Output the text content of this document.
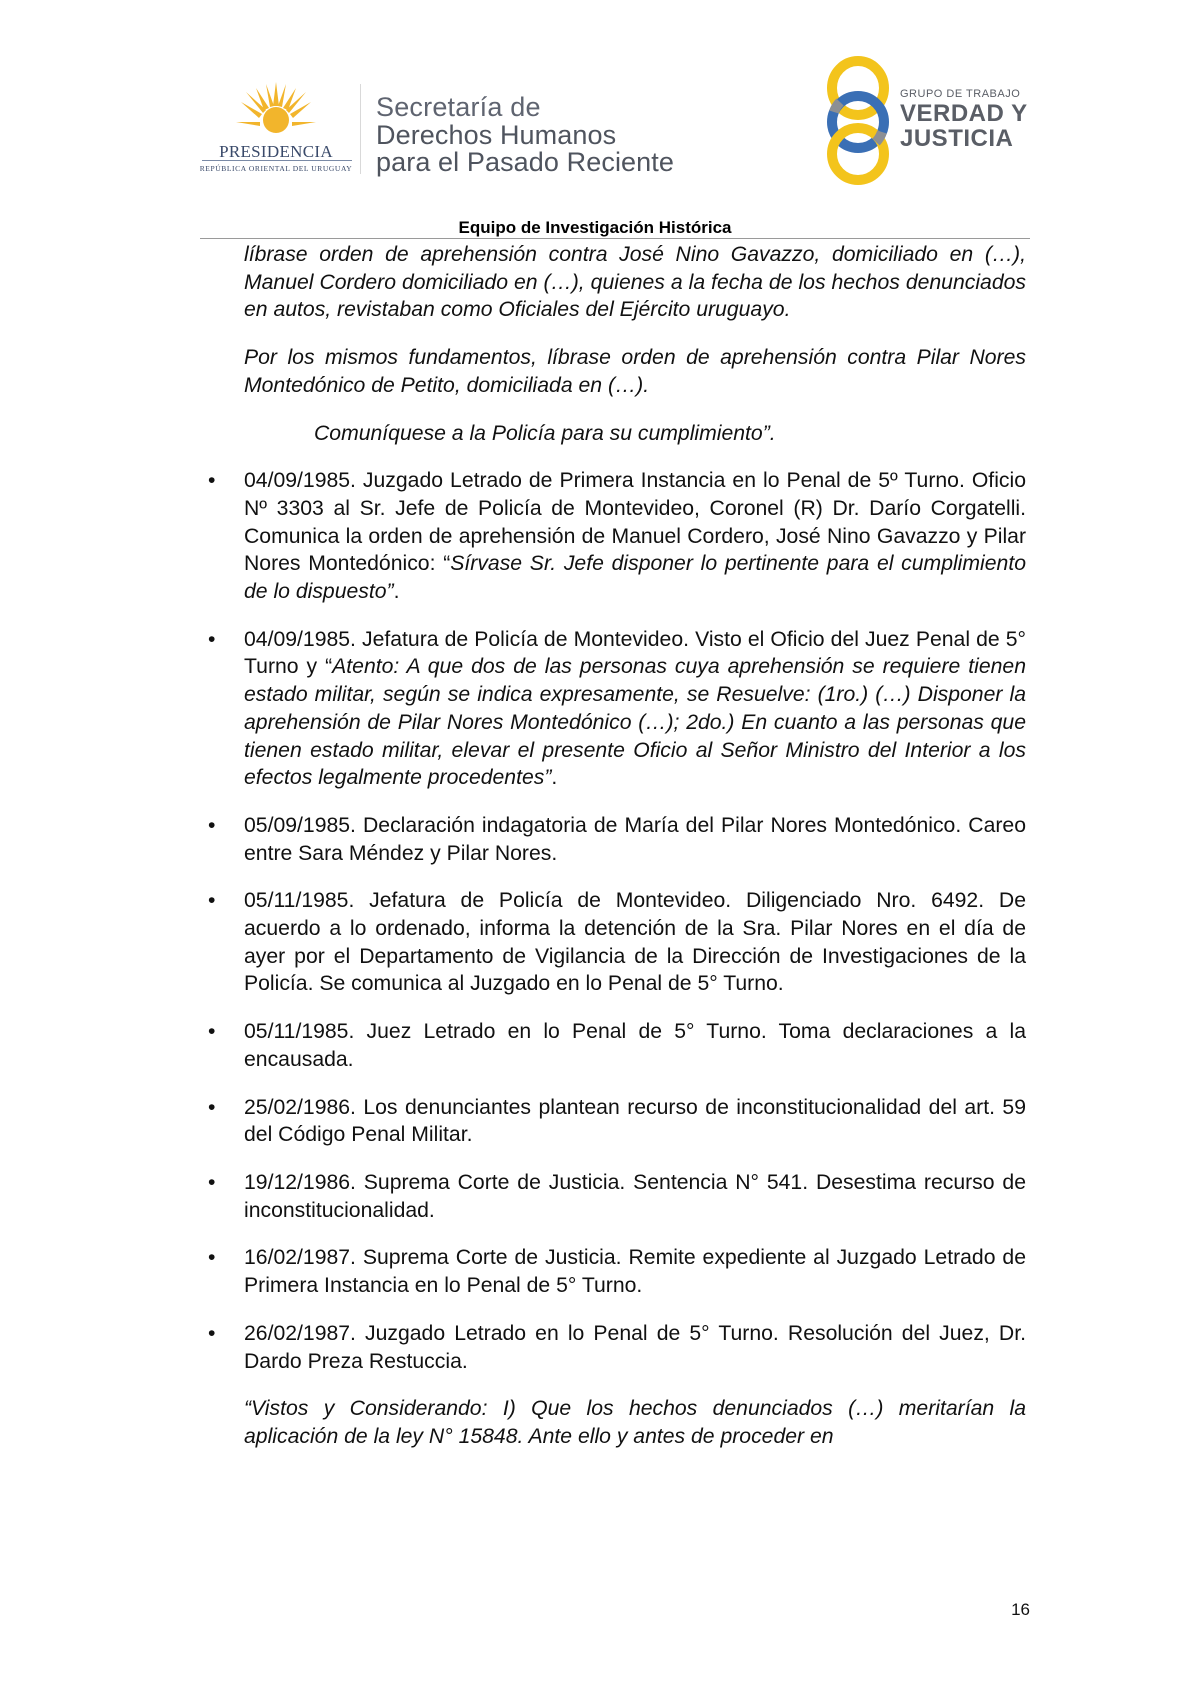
PRESIDENCIA
REPÚBLICA ORIENTAL DEL URUGUAY
Secretaría de
Derechos Humanos
para el Pasado Reciente
GRUPO DE TRABAJO
VERDAD Y
JUSTICIA
Equipo de Investigación Histórica

líbrase orden de aprehensión contra José Nino Gavazzo, domiciliado en (…), Manuel Cordero domiciliado en (…), quienes a la fecha de los hechos denunciados en autos, revistaban como Oficiales del Ejército uruguayo.

Por los mismos fundamentos, líbrase orden de aprehensión contra Pilar Nores Montedónico de Petito, domiciliada en (…).

Comuníquese a la Policía para su cumplimiento”.

• 04/09/1985. Juzgado Letrado de Primera Instancia en lo Penal de 5º Turno. Oficio Nº 3303 al Sr. Jefe de Policía de Montevideo, Coronel (R) Dr. Darío Corgatelli. Comunica la orden de aprehensión de Manuel Cordero, José Nino Gavazzo y Pilar Nores Montedónico: “Sírvase Sr. Jefe disponer lo pertinente para el cumplimiento de lo dispuesto”.

• 04/09/1985. Jefatura de Policía de Montevideo. Visto el Oficio del Juez Penal de 5° Turno y “Atento: A que dos de las personas cuya aprehensión se requiere tienen estado militar, según se indica expresamente, se Resuelve: (1ro.) (…) Disponer la aprehensión de Pilar Nores Montedónico (…); 2do.) En cuanto a las personas que tienen estado militar, elevar el presente Oficio al Señor Ministro del Interior a los efectos legalmente procedentes”.

• 05/09/1985. Declaración indagatoria de María del Pilar Nores Montedónico. Careo entre Sara Méndez y Pilar Nores.

• 05/11/1985. Jefatura de Policía de Montevideo. Diligenciado Nro. 6492. De acuerdo a lo ordenado, informa la detención de la Sra. Pilar Nores en el día de ayer por el Departamento de Vigilancia de la Dirección de Investigaciones de la Policía. Se comunica al Juzgado en lo Penal de 5° Turno.

• 05/11/1985. Juez Letrado en lo Penal de 5° Turno. Toma declaraciones a la encausada.

• 25/02/1986. Los denunciantes plantean recurso de inconstitucionalidad del art. 59 del Código Penal Militar.

• 19/12/1986. Suprema Corte de Justicia. Sentencia N° 541. Desestima recurso de inconstitucionalidad.

• 16/02/1987. Suprema Corte de Justicia. Remite expediente al Juzgado Letrado de Primera Instancia en lo Penal de 5° Turno.

• 26/02/1987. Juzgado Letrado en lo Penal de 5° Turno. Resolución del Juez, Dr. Dardo Preza Restuccia.

“Vistos y Considerando: I) Que los hechos denunciados (…) meritarían la aplicación de la ley N° 15848. Ante ello y antes de proceder en

16
